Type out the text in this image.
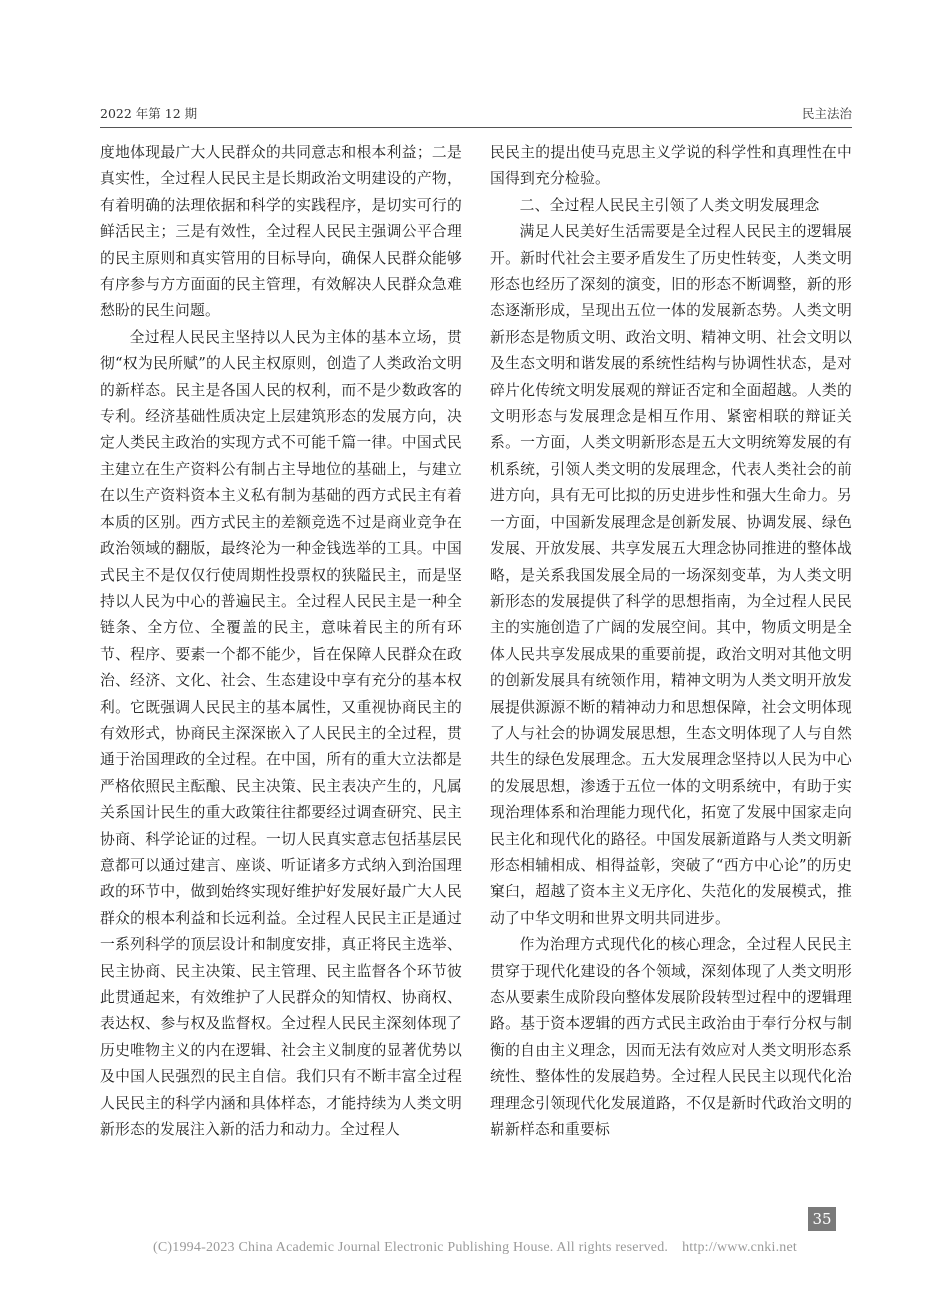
2022 年第 12 期	民主法治

度地体现最广大人民群众的共同意志和根本利益；二是真实性，全过程人民民主是长期政治文明建设的产物，有着明确的法理依据和科学的实践程序，是切实可行的鲜活民主；三是有效性，全过程人民民主强调公平合理的民主原则和真实管用的目标导向，确保人民群众能够有序参与方方面面的民主管理，有效解决人民群众急难愁盼的民生问题。

全过程人民民主坚持以人民为主体的基本立场，贯彻“权为民所赋”的人民主权原则，创造了人类政治文明的新样态。民主是各国人民的权利，而不是少数政客的专利。经济基础性质决定上层建筑形态的发展方向，决定人类民主政治的实现方式不可能千篇一律。中国式民主建立在生产资料公有制占主导地位的基础上，与建立在以生产资料资本主义私有制为基础的西方式民主有着本质的区别。西方式民主的差额竞选不过是商业竞争在政治领域的翻版，最终沦为一种金钱选举的工具。中国式民主不是仅仅行使周期性投票权的狭隘民主，而是坚持以人民为中心的普遍民主。全过程人民民主是一种全链条、全方位、全覆盖的民主，意味着民主的所有环节、程序、要素一个都不能少，旨在保障人民群众在政治、经济、文化、社会、生态建设中享有充分的基本权利。它既强调人民民主的基本属性，又重视协商民主的有效形式，协商民主深深嵌入了人民民主的全过程，贯通于治国理政的全过程。在中国，所有的重大立法都是严格依照民主酝酿、民主决策、民主表决产生的，凡属关系国计民生的重大政策往往都要经过调查研究、民主协商、科学论证的过程。一切人民真实意志包括基层民意都可以通过建言、座谈、听证诸多方式纳入到治国理政的环节中，做到始终实现好维护好发展好最广大人民群众的根本利益和长远利益。全过程人民民主正是通过一系列科学的顶层设计和制度安排，真正将民主选举、民主协商、民主决策、民主管理、民主监督各个环节彼此贯通起来，有效维护了人民群众的知情权、协商权、表达权、参与权及监督权。全过程人民民主深刻体现了历史唯物主义的内在逻辑、社会主义制度的显著优势以及中国人民强烈的民主自信。我们只有不断丰富全过程人民民主的科学内涵和具体样态，才能持续为人类文明新形态的发展注入新的活力和动力。全过程人

民民主的提出使马克思主义学说的科学性和真理性在中国得到充分检验。

二、全过程人民民主引领了人类文明发展理念

满足人民美好生活需要是全过程人民民主的逻辑展开。新时代社会主要矛盾发生了历史性转变，人类文明形态也经历了深刻的演变，旧的形态不断调整，新的形态逐渐形成，呈现出五位一体的发展新态势。人类文明新形态是物质文明、政治文明、精神文明、社会文明以及生态文明和谐发展的系统性结构与协调性状态，是对碎片化传统文明发展观的辩证否定和全面超越。人类的文明形态与发展理念是相互作用、紧密相联的辩证关系。一方面，人类文明新形态是五大文明统筹发展的有机系统，引领人类文明的发展理念，代表人类社会的前进方向，具有无可比拟的历史进步性和强大生命力。另一方面，中国新发展理念是创新发展、协调发展、绿色发展、开放发展、共享发展五大理念协同推进的整体战略，是关系我国发展全局的一场深刻变革，为人类文明新形态的发展提供了科学的思想指南，为全过程人民民主的实施创造了广阔的发展空间。其中，物质文明是全体人民共享发展成果的重要前提，政治文明对其他文明的创新发展具有统领作用，精神文明为人类文明开放发展提供源源不断的精神动力和思想保障，社会文明体现了人与社会的协调发展思想，生态文明体现了人与自然共生的绿色发展理念。五大发展理念坚持以人民为中心的发展思想，渗透于五位一体的文明系统中，有助于实现治理体系和治理能力现代化，拓宽了发展中国家走向民主化和现代化的路径。中国发展新道路与人类文明新形态相辅相成、相得益彰，突破了“西方中心论”的历史窠臼，超越了资本主义无序化、失范化的发展模式，推动了中华文明和世界文明共同进步。

作为治理方式现代化的核心理念，全过程人民民主贯穿于现代化建设的各个领域，深刻体现了人类文明形态从要素生成阶段向整体发展阶段转型过程中的逻辑理路。基于资本逻辑的西方式民主政治由于奉行分权与制衡的自由主义理念，因而无法有效应对人类文明形态系统性、整体性的发展趋势。全过程人民民主以现代化治理理念引领现代化发展道路，不仅是新时代政治文明的崭新样态和重要标

35
(C)1994-2023 China Academic Journal Electronic Publishing House. All rights reserved. http://www.cnki.net
